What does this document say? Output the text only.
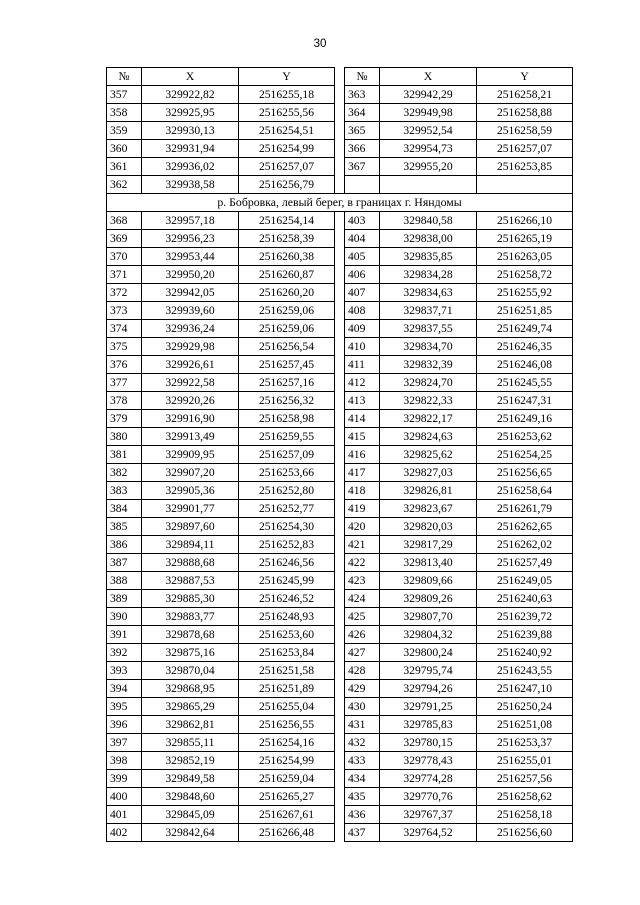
30
№	X	Y		№	X	Y
357	329922,82	2516255,18		363	329942,29	2516258,21
358	329925,95	2516255,56		364	329949,98	2516258,88
359	329930,13	2516254,51		365	329952,54	2516258,59
360	329931,94	2516254,99		366	329954,73	2516257,07
361	329936,02	2516257,07		367	329955,20	2516253,85
362	329938,58	2516256,79				
р. Бобровка, левый берег, в границах г. Няндомы						
368	329957,18	2516254,14		403	329840,58	2516266,10
369	329956,23	2516258,39		404	329838,00	2516265,19
370	329953,44	2516260,38		405	329835,85	2516263,05
371	329950,20	2516260,87		406	329834,28	2516258,72
372	329942,05	2516260,20		407	329834,63	2516255,92
373	329939,60	2516259,06		408	329837,71	2516251,85
374	329936,24	2516259,06		409	329837,55	2516249,74
375	329929,98	2516256,54		410	329834,70	2516246,35
376	329926,61	2516257,45		411	329832,39	2516246,08
377	329922,58	2516257,16		412	329824,70	2516245,55
378	329920,26	2516256,32		413	329822,33	2516247,31
379	329916,90	2516258,98		414	329822,17	2516249,16
380	329913,49	2516259,55		415	329824,63	2516253,62
381	329909,95	2516257,09		416	329825,62	2516254,25
382	329907,20	2516253,66		417	329827,03	2516256,65
383	329905,36	2516252,80		418	329826,81	2516258,64
384	329901,77	2516252,77		419	329823,67	2516261,79
385	329897,60	2516254,30		420	329820,03	2516262,65
386	329894,11	2516252,83		421	329817,29	2516262,02
387	329888,68	2516246,56		422	329813,40	2516257,49
388	329887,53	2516245,99		423	329809,66	2516249,05
389	329885,30	2516246,52		424	329809,26	2516240,63
390	329883,77	2516248,93		425	329807,70	2516239,72
391	329878,68	2516253,60		426	329804,32	2516239,88
392	329875,16	2516253,84		427	329800,24	2516240,92
393	329870,04	2516251,58		428	329795,74	2516243,55
394	329868,95	2516251,89		429	329794,26	2516247,10
395	329865,29	2516255,04		430	329791,25	2516250,24
396	329862,81	2516256,55		431	329785,83	2516251,08
397	329855,11	2516254,16		432	329780,15	2516253,37
398	329852,19	2516254,99		433	329778,43	2516255,01
399	329849,58	2516259,04		434	329774,28	2516257,56
400	329848,60	2516265,27		435	329770,76	2516258,62
401	329845,09	2516267,61		436	329767,37	2516258,18
402	329842,64	2516266,48		437	329764,52	2516256,60
